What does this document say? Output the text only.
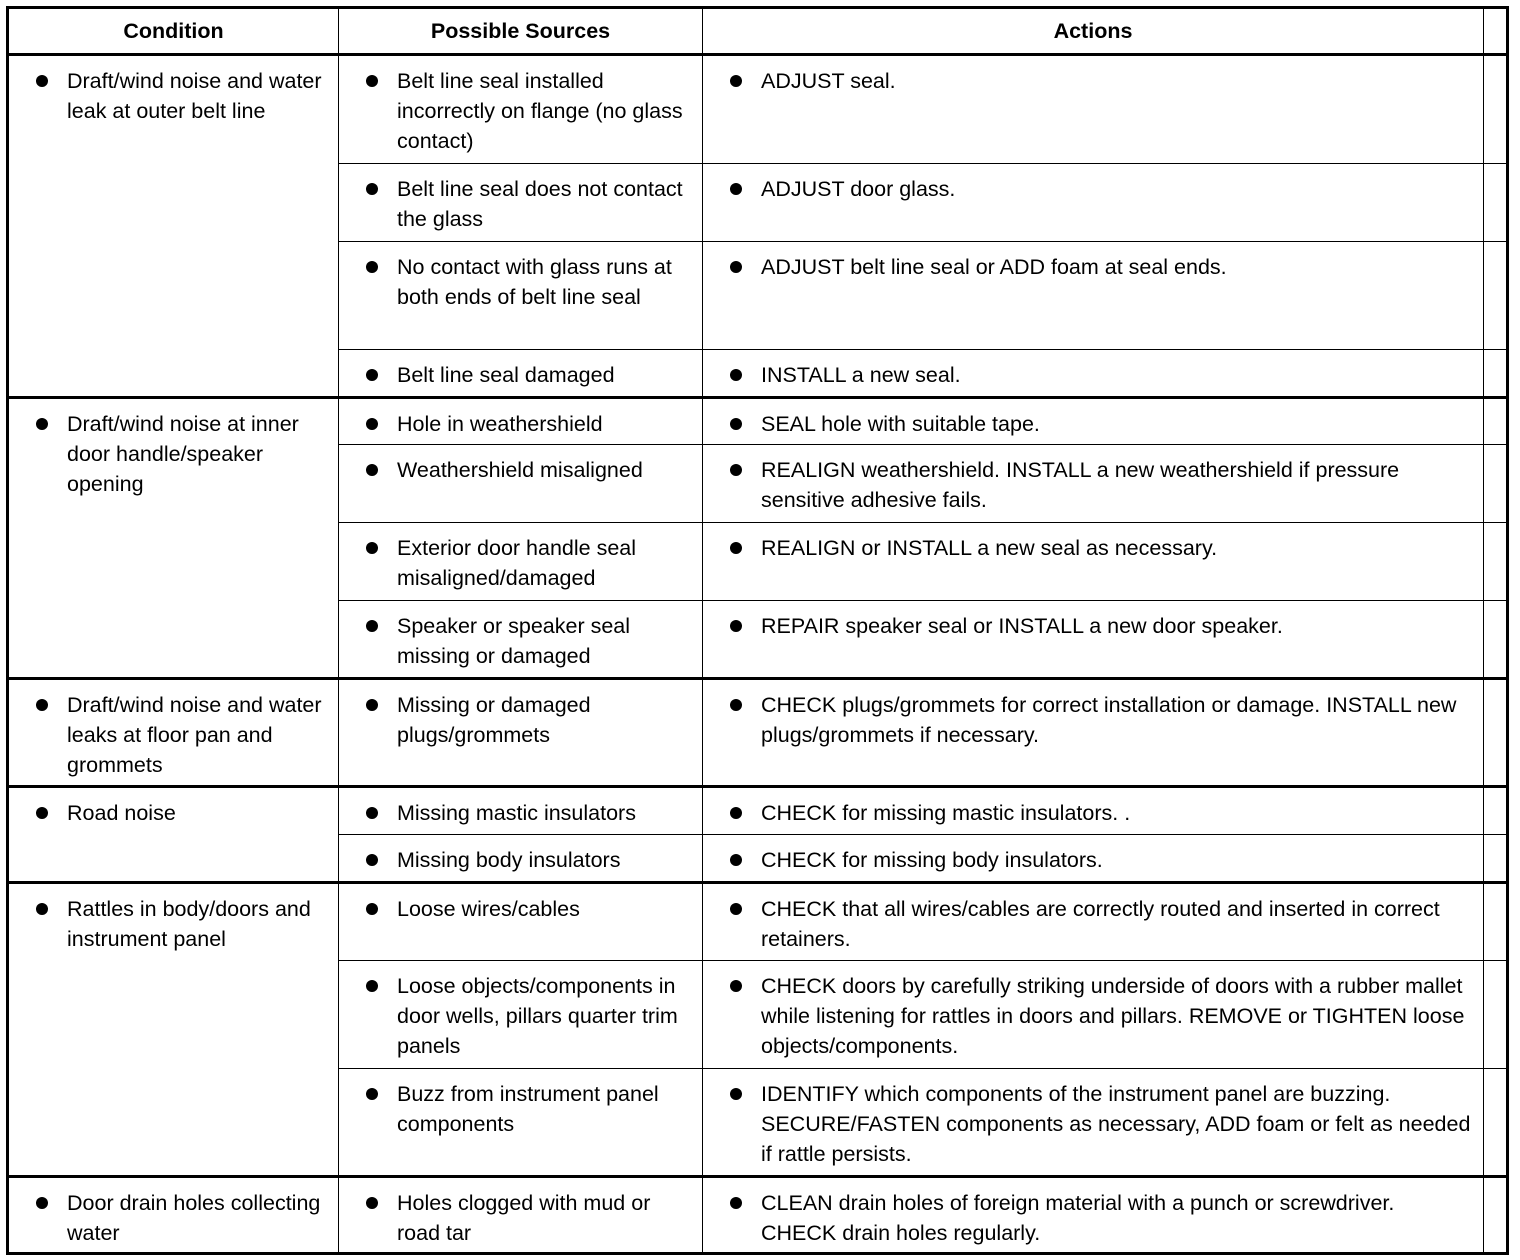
Condition	Possible Sources	Actions	

Draft/wind noise and water leak at outer belt line	Belt line seal installed incorrectly on flange (no glass contact)	ADJUST seal.	

	Belt line seal does not contact the glass	ADJUST door glass.	

	No contact with glass runs at both ends of belt line seal	ADJUST belt line seal or ADD foam at seal ends.	

	Belt line seal damaged	INSTALL a new seal.	

Draft/wind noise at inner door handle/speaker opening	Hole in weathershield	SEAL hole with suitable tape.	

	Weathershield misaligned	REALIGN weathershield. INSTALL a new weathershield if pressure sensitive adhesive fails.	

	Exterior door handle seal misaligned/damaged	REALIGN or INSTALL a new seal as necessary.	

	Speaker or speaker seal missing or damaged	REPAIR speaker seal or INSTALL a new door speaker.	

Draft/wind noise and water leaks at floor pan and grommets	Missing or damaged plugs/grommets	CHECK plugs/grommets for correct installation or damage. INSTALL new plugs/grommets if necessary.	

Road noise	Missing mastic insulators	CHECK for missing mastic insulators. .	

	Missing body insulators	CHECK for missing body insulators.	

Rattles in body/doors and instrument panel	Loose wires/cables	CHECK that all wires/cables are correctly routed and inserted in correct retainers.	

	Loose objects/components in door wells, pillars quarter trim panels	CHECK doors by carefully striking underside of doors with a rubber mallet while listening for rattles in doors and pillars. REMOVE or TIGHTEN loose objects/components.	

	Buzz from instrument panel components	IDENTIFY which components of the instrument panel are buzzing. SECURE/FASTEN components as necessary, ADD foam or felt as needed if rattle persists.	

Door drain holes collecting water	Holes clogged with mud or road tar	CLEAN drain holes of foreign material with a punch or screwdriver. CHECK drain holes regularly.	
